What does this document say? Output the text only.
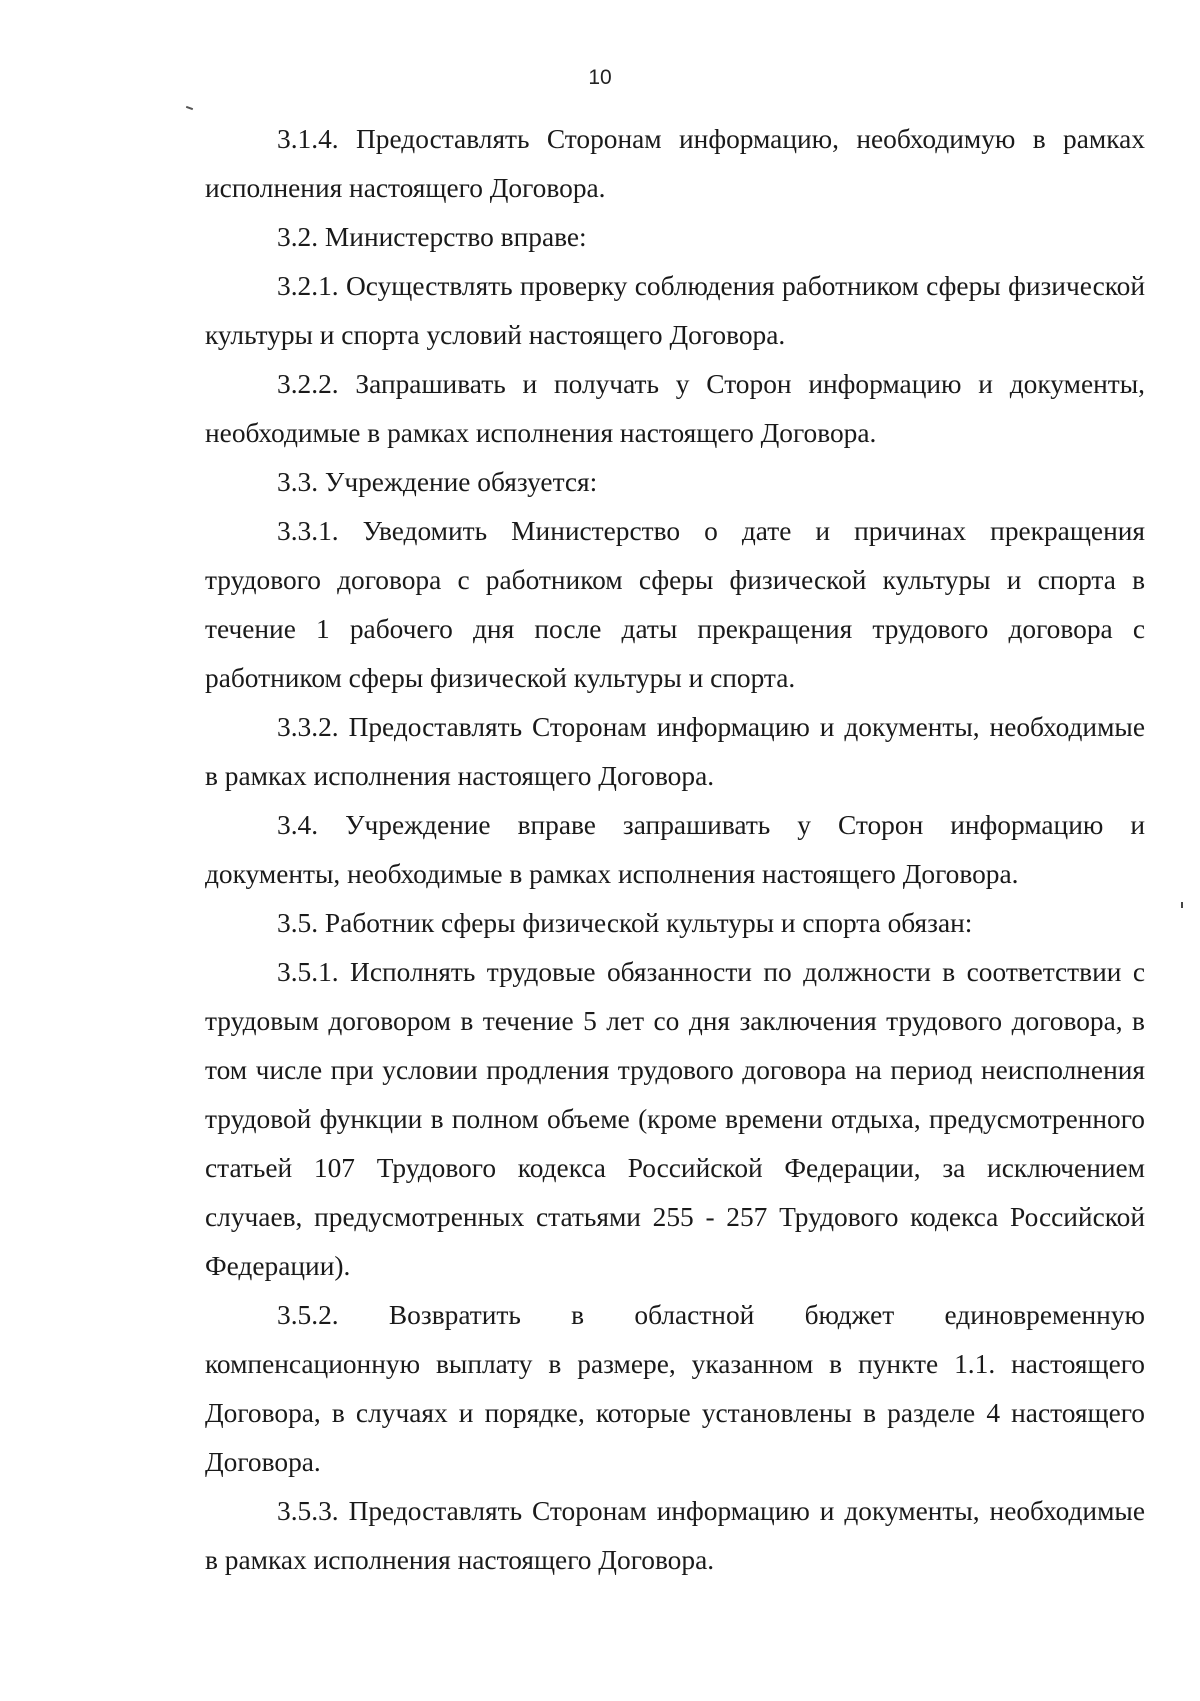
10

3.1.4. Предоставлять Сторонам информацию, необходимую в рамках исполнения настоящего Договора.

3.2. Министерство вправе:

3.2.1. Осуществлять проверку соблюдения работником сферы физической культуры и спорта условий настоящего Договора.

3.2.2. Запрашивать и получать у Сторон информацию и документы, необходимые в рамках исполнения настоящего Договора.

3.3. Учреждение обязуется:

3.3.1. Уведомить Министерство о дате и причинах прекращения трудового договора с работником сферы физической культуры и спорта в течение 1 рабочего дня после даты прекращения трудового договора с работником сферы физической культуры и спорта.

3.3.2. Предоставлять Сторонам информацию и документы, необходимые в рамках исполнения настоящего Договора.

3.4. Учреждение вправе запрашивать у Сторон информацию и документы, необходимые в рамках исполнения настоящего Договора.

3.5. Работник сферы физической культуры и спорта обязан:

3.5.1. Исполнять трудовые обязанности по должности в соответствии с трудовым договором в течение 5 лет со дня заключения трудового договора, в том числе при условии продления трудового договора на период неисполнения трудовой функции в полном объеме (кроме времени отдыха, предусмотренного статьей 107 Трудового кодекса Российской Федерации, за исключением случаев, предусмотренных статьями 255 - 257 Трудового кодекса Российской Федерации).

3.5.2. Возвратить в областной бюджет единовременную компенсационную выплату в размере, указанном в пункте 1.1. настоящего Договора, в случаях и порядке, которые установлены в разделе 4 настоящего Договора.

3.5.3. Предоставлять Сторонам информацию и документы, необходимые в рамках исполнения настоящего Договора.
